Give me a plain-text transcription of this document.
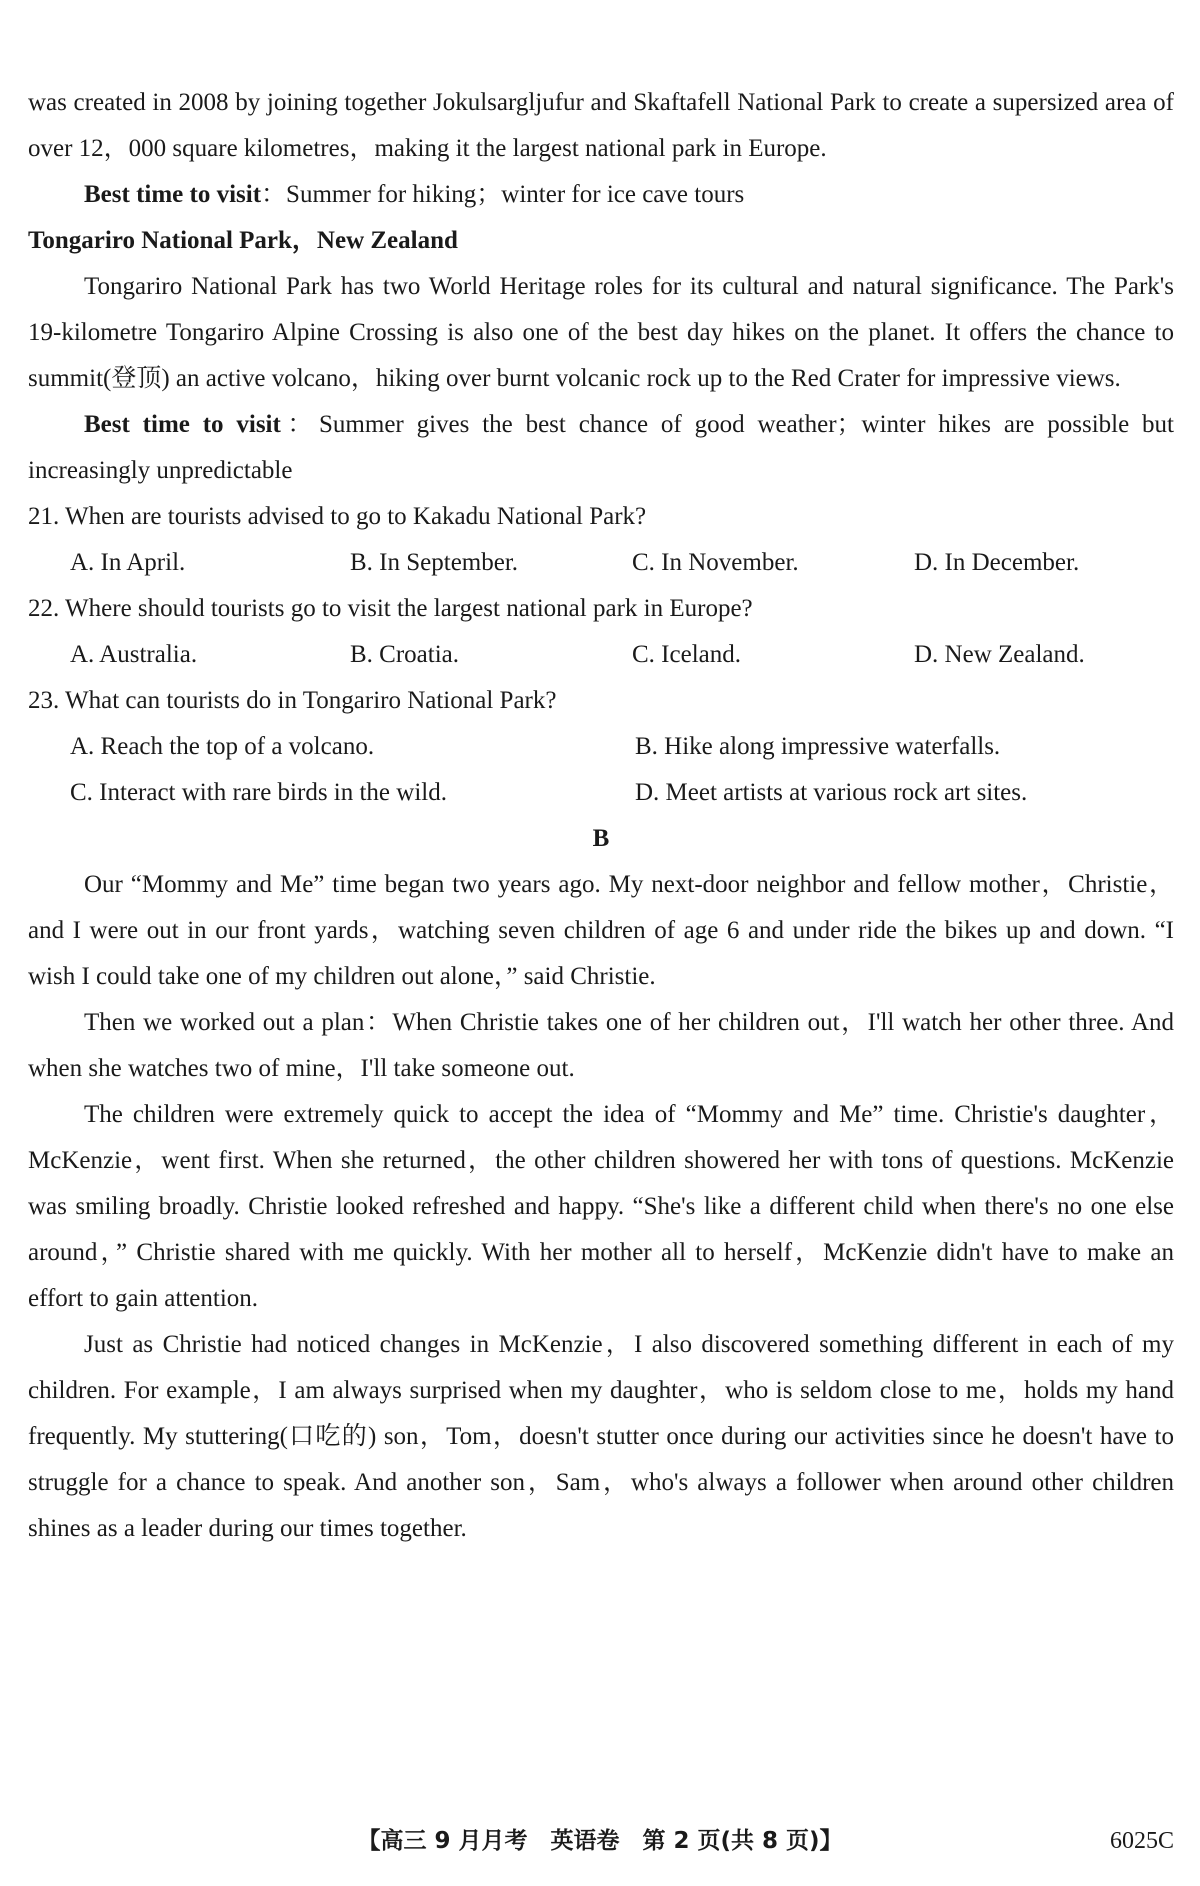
was created in 2008 by joining together Jokulsargljufur and Skaftafell National Park to create a supersized area of over 12，000 square kilometres，making it the largest national park in Europe.

Best time to visit：Summer for hiking；winter for ice cave tours

Tongariro National Park，New Zealand

Tongariro National Park has two World Heritage roles for its cultural and natural significance. The Park's 19-kilometre Tongariro Alpine Crossing is also one of the best day hikes on the planet. It offers the chance to summit(登顶) an active volcano，hiking over burnt volcanic rock up to the Red Crater for impressive views.

Best time to visit：Summer gives the best chance of good weather；winter hikes are possible but increasingly unpredictable

21. When are tourists advised to go to Kakadu National Park?

A. In April.	B. In September.	C. In November.	D. In December.

22. Where should tourists go to visit the largest national park in Europe?

A. Australia.	B. Croatia.	C. Iceland.	D. New Zealand.

23. What can tourists do in Tongariro National Park?

A. Reach the top of a volcano.	B. Hike along impressive waterfalls.
C. Interact with rare birds in the wild.	D. Meet artists at various rock art sites.

B

Our “Mommy and Me” time began two years ago. My next-door neighbor and fellow mother，Christie，and I were out in our front yards，watching seven children of age 6 and under ride the bikes up and down. “I wish I could take one of my children out alone，” said Christie.

Then we worked out a plan：When Christie takes one of her children out，I'll watch her other three. And when she watches two of mine，I'll take someone out.

The children were extremely quick to accept the idea of “Mommy and Me” time. Christie's daughter，McKenzie，went first. When she returned，the other children showered her with tons of questions. McKenzie was smiling broadly. Christie looked refreshed and happy. “She's like a different child when there's no one else around，” Christie shared with me quickly. With her mother all to herself，McKenzie didn't have to make an effort to gain attention.

Just as Christie had noticed changes in McKenzie，I also discovered something different in each of my children. For example，I am always surprised when my daughter，who is seldom close to me，holds my hand frequently. My stuttering(口吃的) son，Tom，doesn't stutter once during our activities since he doesn't have to struggle for a chance to speak. And another son，Sam，who's always a follower when around other children shines as a leader during our times together.

【高三 9 月月考　英语卷　第 2 页(共 8 页)】	6025C
